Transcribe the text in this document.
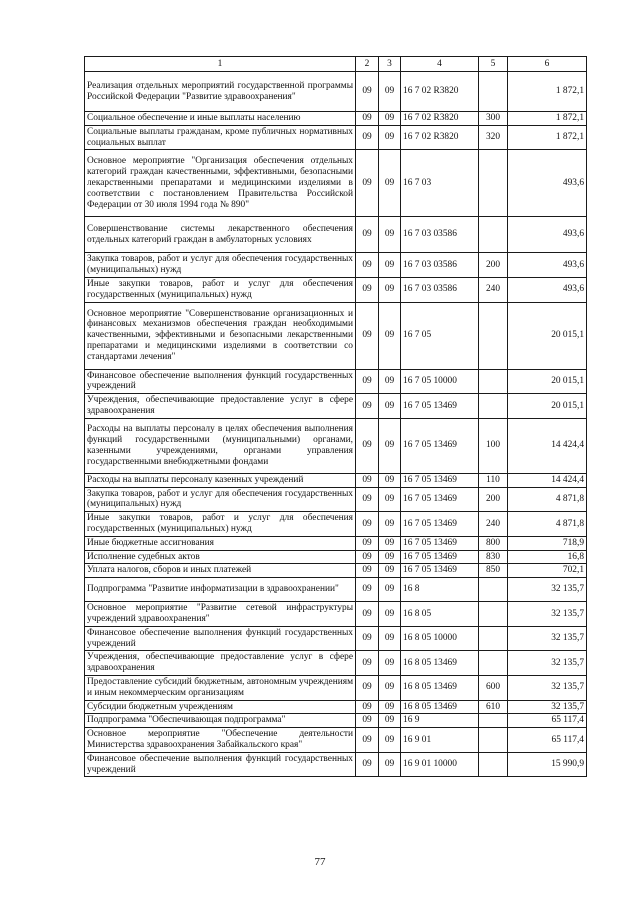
1	2	3	4	5	6
Реализация отдельных мероприятий государственной программы Российской Федерации "Развитие здравоохранения"	09	09	16 7 02 R3820		1 872,1
Социальное обеспечение и иные выплаты населению	09	09	16 7 02 R3820	300	1 872,1
Социальные выплаты гражданам, кроме публичных нормативных социальных выплат	09	09	16 7 02 R3820	320	1 872,1
Основное мероприятие "Организация обеспечения отдельных категорий граждан качественными, эффективными, безопасными лекарственными препаратами и медицинскими изделиями в соответствии с постановлением Правительства Российской Федерации от 30 июля 1994 года № 890"	09	09	16 7 03		493,6
Совершенствование системы лекарственного обеспечения отдельных категорий граждан в амбулаторных условиях	09	09	16 7 03 03586		493,6
Закупка товаров, работ и услуг для обеспечения государственных (муниципальных) нужд	09	09	16 7 03 03586	200	493,6
Иные закупки товаров, работ и услуг для обеспечения государственных (муниципальных) нужд	09	09	16 7 03 03586	240	493,6
Основное мероприятие "Совершенствование организационных и финансовых механизмов обеспечения граждан необходимыми качественными, эффективными и безопасными лекарственными препаратами и медицинскими изделиями в соответствии со стандартами лечения"	09	09	16 7 05		20 015,1
Финансовое обеспечение выполнения функций государственных учреждений	09	09	16 7 05 10000		20 015,1
Учреждения, обеспечивающие предоставление услуг в сфере здравоохранения	09	09	16 7 05 13469		20 015,1
Расходы на выплаты персоналу в целях обеспечения выполнения функций государственными (муниципальными) органами, казенными учреждениями, органами управления государственными внебюджетными фондами	09	09	16 7 05 13469	100	14 424,4
Расходы на выплаты персоналу казенных учреждений	09	09	16 7 05 13469	110	14 424,4
Закупка товаров, работ и услуг для обеспечения государственных (муниципальных) нужд	09	09	16 7 05 13469	200	4 871,8
Иные закупки товаров, работ и услуг для обеспечения государственных (муниципальных) нужд	09	09	16 7 05 13469	240	4 871,8
Иные бюджетные ассигнования	09	09	16 7 05 13469	800	718,9
Исполнение судебных актов	09	09	16 7 05 13469	830	16,8
Уплата налогов, сборов и иных платежей	09	09	16 7 05 13469	850	702,1
Подпрограмма "Развитие информатизации в здравоохранении"	09	09	16 8		32 135,7
Основное мероприятие "Развитие сетевой инфраструктуры учреждений здравоохранения"	09	09	16 8 05		32 135,7
Финансовое обеспечение выполнения функций государственных учреждений	09	09	16 8 05 10000		32 135,7
Учреждения, обеспечивающие предоставление услуг в сфере здравоохранения	09	09	16 8 05 13469		32 135,7
Предоставление субсидий бюджетным, автономным учреждениям и иным некоммерческим организациям	09	09	16 8 05 13469	600	32 135,7
Субсидии бюджетным учреждениям	09	09	16 8 05 13469	610	32 135,7
Подпрограмма "Обеспечивающая подпрограмма"	09	09	16 9		65 117,4
Основное мероприятие "Обеспечение деятельности Министерства здравоохранения Забайкальского края"	09	09	16 9 01		65 117,4
Финансовое обеспечение выполнения функций государственных учреждений	09	09	16 9 01 10000		15 990,9
77
